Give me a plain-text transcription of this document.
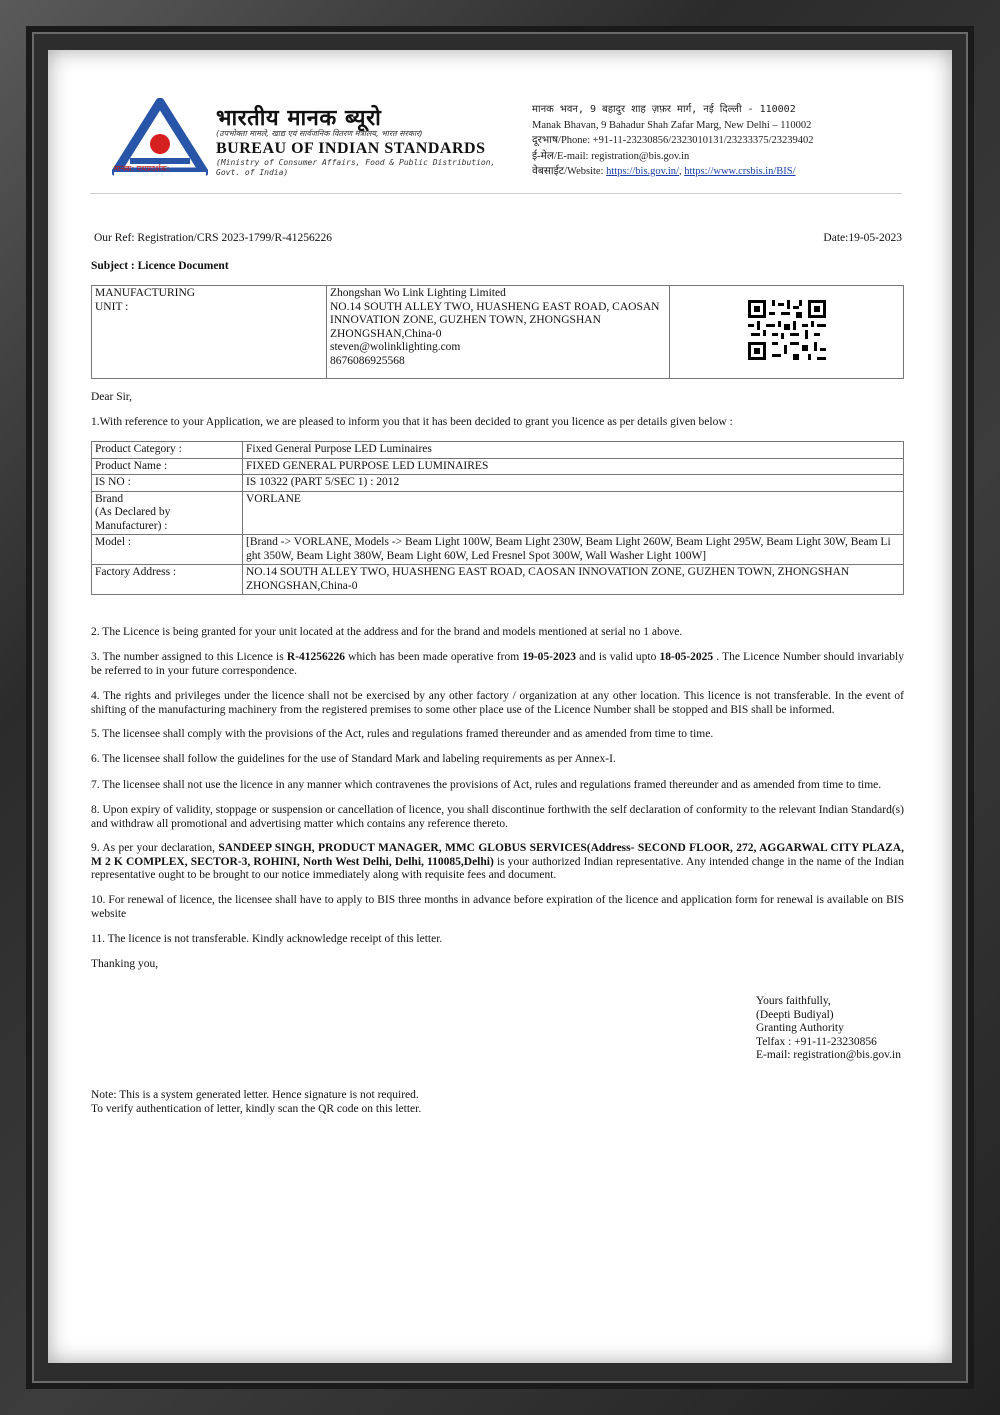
मानक: पथप्रदर्शक:
भारतीय मानक ब्यूरो
(उपभोक्ता मामले, खाद्य एवं सार्वजनिक वितरण मंत्रालय, भारत सरकार)
BUREAU OF INDIAN STANDARDS
(Ministry of Consumer Affairs, Food & Public Distribution, Govt. of India)
मानक भवन, 9 बहादुर शाह ज़फ़र मार्ग, नई दिल्ली - 110002
Manak Bhavan, 9 Bahadur Shah Zafar Marg, New Delhi – 110002
दूरभाष/Phone: +91-11-23230856/2323010131/23233375/23239402
ई-मेल/E-mail: registration@bis.gov.in
वेबसाईट/Website: https://bis.gov.in/, https://www.crsbis.in/BIS/
Our Ref: Registration/CRS 2023-1799/R-41256226	Date:19-05-2023
Subject : Licence Document
MANUFACTURING
UNIT :

Zhongshan Wo Link Lighting Limited
NO.14 SOUTH ALLEY TWO, HUASHENG EAST ROAD, CAOSAN
INNOVATION ZONE, GUZHEN TOWN, ZHONGSHAN
ZHONGSHAN,China-0
steven@wolinklighting.com
8676086925568

Dear Sir,
1.With reference to your Application, we are pleased to inform you that it has been decided to grant you licence as per details given below :
Product Category :	Fixed General Purpose LED Luminaires
Product Name :	FIXED GENERAL PURPOSE LED LUMINAIRES
IS NO :	IS 10322 (PART 5/SEC 1) : 2012

Brand
(As Declared by
Manufacturer) :	VORLANE
Model :	[Brand -> VORLANE, Models -> Beam Light 100W, Beam Light 230W, Beam Light 260W, Beam Light 295W, Beam Light 30W, Beam Li
ght 350W, Beam Light 380W, Beam Light 60W, Led Fresnel Spot 300W, Wall Washer Light 100W]

Factory Address :	NO.14 SOUTH ALLEY TWO, HUASHENG EAST ROAD, CAOSAN INNOVATION ZONE, GUZHEN TOWN, ZHONGSHAN
ZHONGSHAN,China-0
2. The Licence is being granted for your unit located at the address and for the brand and models mentioned at serial no 1 above.
3. The number assigned to this Licence is R-41256226 which has been made operative from 19-05-2023 and is valid upto 18-05-2025 . The Licence Number should invariably be referred to in your future correspondence.
4. The rights and privileges under the licence shall not be exercised by any other factory / organization at any other location. This licence is not transferable. In the event of shifting of the manufacturing machinery from the registered premises to some other place use of the Licence Number shall be stopped and BIS shall be informed.
5. The licensee shall comply with the provisions of the Act, rules and regulations framed thereunder and as amended from time to time.
6. The licensee shall follow the guidelines for the use of Standard Mark and labeling requirements as per Annex-I.
7. The licensee shall not use the licence in any manner which contravenes the provisions of Act, rules and regulations framed thereunder and as amended from time to time.
8. Upon expiry of validity, stoppage or suspension or cancellation of licence, you shall discontinue forthwith the self declaration of conformity to the relevant Indian Standard(s) and withdraw all promotional and advertising matter which contains any reference thereto.
9. As per your declaration, SANDEEP SINGH, PRODUCT MANAGER, MMC GLOBUS SERVICES(Address- SECOND FLOOR, 272, AGGARWAL CITY PLAZA, M 2 K COMPLEX, SECTOR-3, ROHINI, North West Delhi, Delhi, 110085,Delhi) is your authorized Indian representative. Any intended change in the name of the Indian representative ought to be brought to our notice immediately along with requisite fees and document.
10. For renewal of licence, the licensee shall have to apply to BIS three months in advance before expiration of the licence and application form for renewal is available on BIS website
11. The licence is not transferable. Kindly acknowledge receipt of this letter.
Thanking you,
Yours faithfully,
(Deepti Budiyal)
Granting Authority
Telfax : +91-11-23230856
E-mail: registration@bis.gov.in
Note: This is a system generated letter. Hence signature is not required.
To verify authentication of letter, kindly scan the QR code on this letter.
